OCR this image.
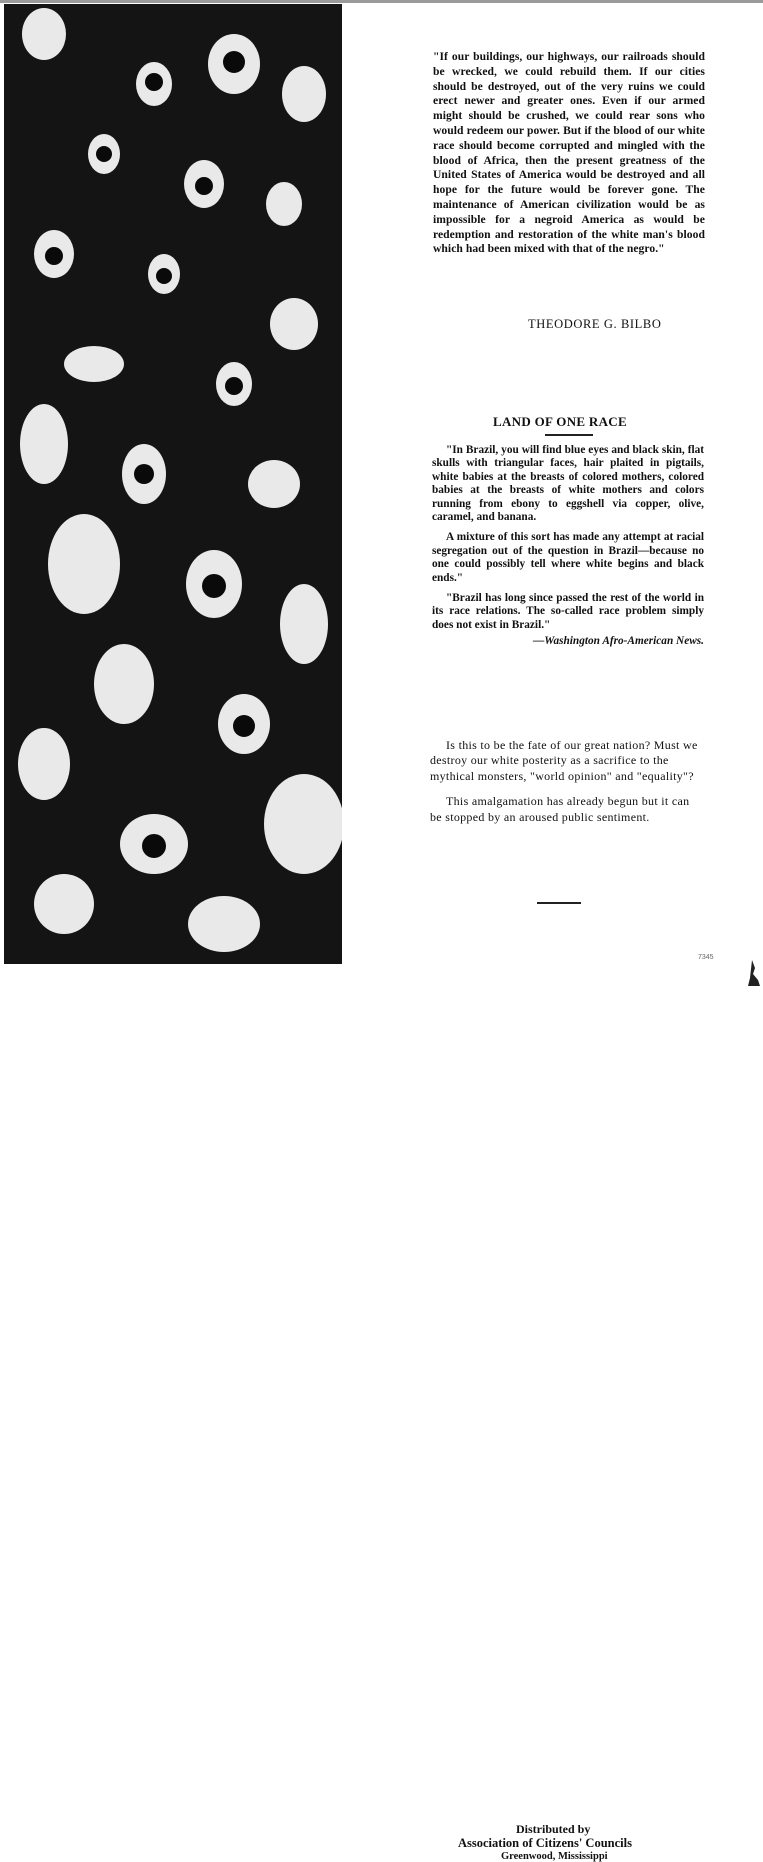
"If our buildings, our highways, our railroads should be wrecked, we could rebuild them. If our cities should be destroyed, out of the very ruins we could erect newer and greater ones. Even if our armed might should be crushed, we could rear sons who would redeem our power. But if the blood of our white race should become corrupted and mingled with the blood of Africa, then the present greatness of the United States of America would be destroyed and all hope for the future would be forever gone. The maintenance of American civilization would be as impossible for a negroid America as would be redemption and restoration of the white man's blood which had been mixed with that of the negro."
THEODORE G. BILBO
LAND OF ONE RACE

"In Brazil, you will find blue eyes and black skin, flat skulls with triangular faces, hair plaited in pigtails, white babies at the breasts of colored mothers, colored babies at the breasts of white mothers and colors running from ebony to eggshell via copper, olive, caramel, and banana.

A mixture of this sort has made any attempt at racial segregation out of the question in Brazil—because no one could possibly tell where white begins and black ends."

"Brazil has long since passed the rest of the world in its race relations. The so-called race problem simply does not exist in Brazil."

—Washington Afro-American News.

Is this to be the fate of our great nation? Must we destroy our white posterity as a sacrifice to the mythical monsters, "world opinion" and "equality"?

This amalgamation has already begun but it can be stopped by an aroused public sentiment.

Distributed by
Association of Citizens' Councils
Greenwood, Mississippi
7345
